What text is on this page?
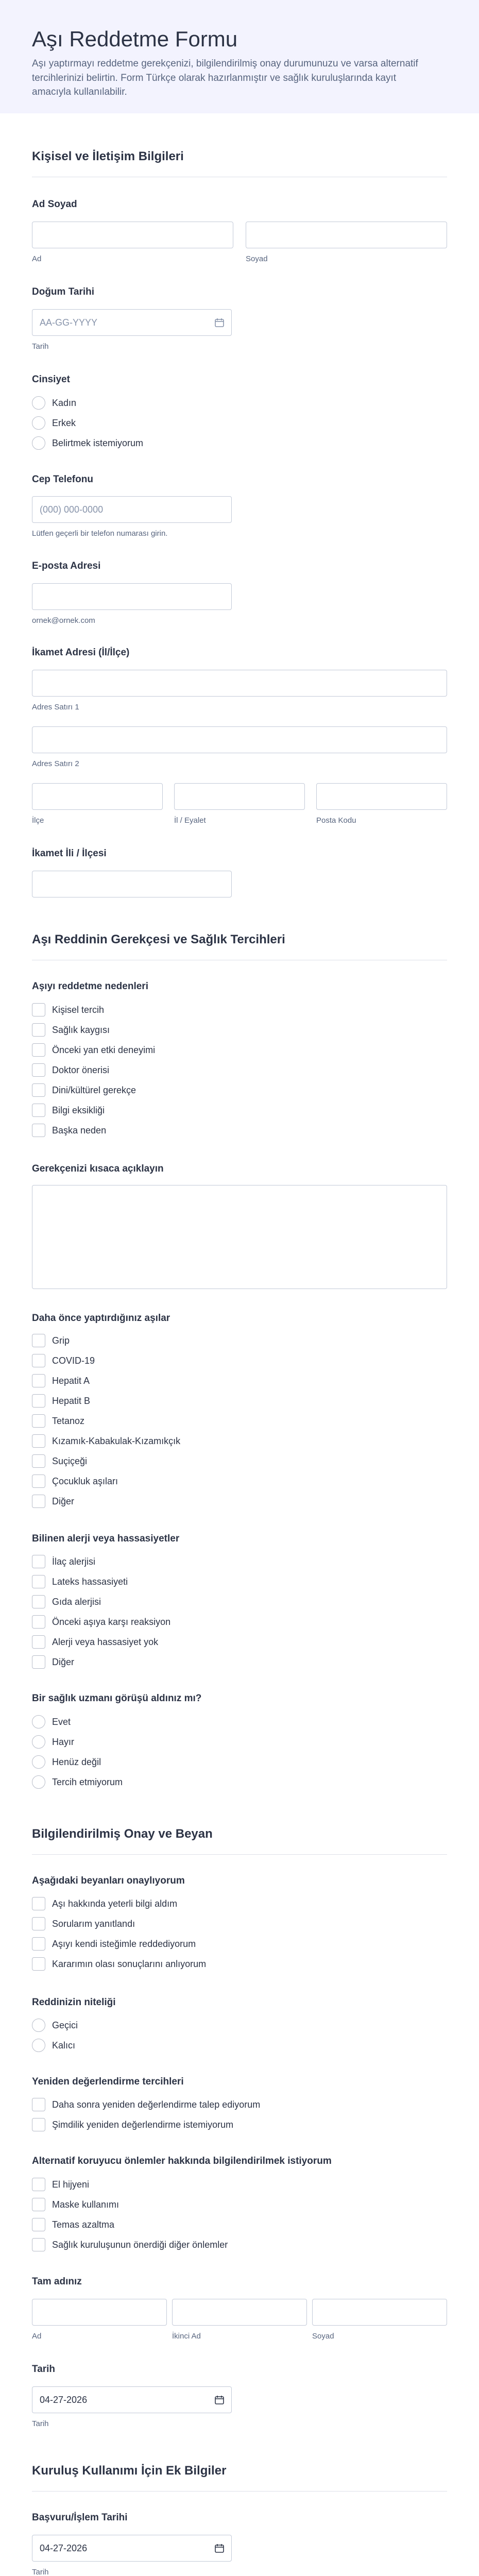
Aşı Reddetme Formu

Aşı yaptırmayı reddetme gerekçenizi, bilgilendirilmiş onay durumunuzu ve varsa alternatif tercihlerinizi belirtin. Form Türkçe olarak hazırlanmıştır ve sağlık kuruluşlarında kayıt amacıyla kullanılabilir.

Kişisel ve İletişim Bilgileri
Ad Soyad
Ad	Soyad
Doğum Tarihi
AA-GG-YYYY
Tarih
Cinsiyet
Kadın
Erkek
Belirtmek istemiyorum
Cep Telefonu
(000) 000-0000
Lütfen geçerli bir telefon numarası girin.
E-posta Adresi
ornek@ornek.com
İkamet Adresi (İl/İlçe)
Adres Satırı 1
Adres Satırı 2
İlçe	İl / Eyalet	Posta Kodu
İkamet İli / İlçesi
Aşı Reddinin Gerekçesi ve Sağlık Tercihleri
Aşıyı reddetme nedenleri
Kişisel tercih
Sağlık kaygısı
Önceki yan etki deneyimi
Doktor önerisi
Dini/kültürel gerekçe
Bilgi eksikliği
Başka neden
Gerekçenizi kısaca açıklayın
Daha önce yaptırdığınız aşılar
Grip
COVID-19
Hepatit A
Hepatit B
Tetanoz
Kızamık-Kabakulak-Kızamıkçık
Suçiçeği
Çocukluk aşıları
Diğer
Bilinen alerji veya hassasiyetler
İlaç alerjisi
Lateks hassasiyeti
Gıda alerjisi
Önceki aşıya karşı reaksiyon
Alerji veya hassasiyet yok
Diğer
Bir sağlık uzmanı görüşü aldınız mı?
Evet
Hayır
Henüz değil
Tercih etmiyorum
Bilgilendirilmiş Onay ve Beyan
Aşağıdaki beyanları onaylıyorum
Aşı hakkında yeterli bilgi aldım
Sorularım yanıtlandı
Aşıyı kendi isteğimle reddediyorum
Kararımın olası sonuçlarını anlıyorum
Reddinizin niteliği
Geçici
Kalıcı
Yeniden değerlendirme tercihleri
Daha sonra yeniden değerlendirme talep ediyorum
Şimdilik yeniden değerlendirme istemiyorum
Alternatif koruyucu önlemler hakkında bilgilendirilmek istiyorum
El hijyeni
Maske kullanımı
Temas azaltma
Sağlık kuruluşunun önerdiği diğer önlemler
Tam adınız
Ad	İkinci Ad	Soyad
Tarih
04-27-2026
Tarih
Kuruluş Kullanımı İçin Ek Bilgiler
Başvuru/İşlem Tarihi
04-27-2026
Tarih
